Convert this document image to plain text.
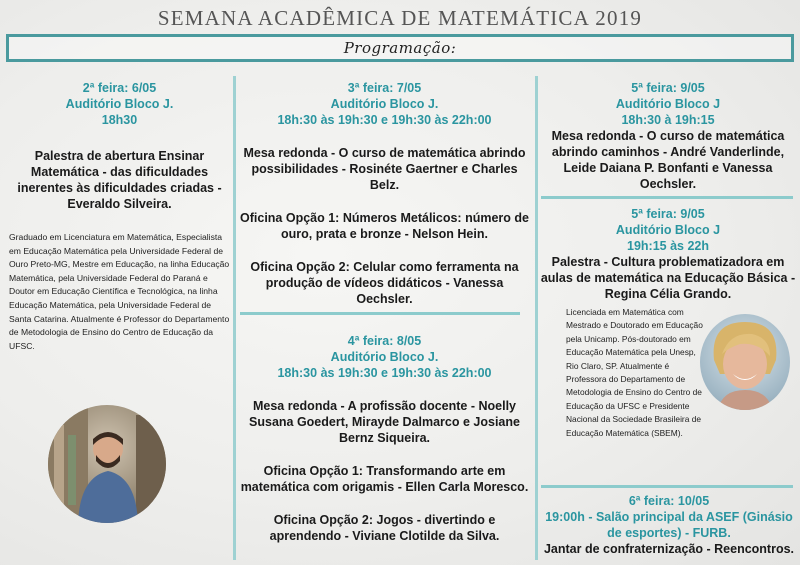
SEMANA ACADÊMICA DE MATEMÁTICA 2019
Programação:
2ª feira: 6/05
Auditório Bloco J.
18h30
Palestra de abertura Ensinar Matemática - das dificuldades inerentes às dificuldades criadas - Everaldo Silveira.
Graduado em Licenciatura em Matemática, Especialista em Educação Matemática pela Universidade Federal de Ouro Preto-MG, Mestre em Educação, na linha Educação Matemática, pela Universidade Federal do Paraná e Doutor em Educação Científica e Tecnológica, na linha Educação Matemática, pela Universidade Federal de Santa Catarina. Atualmente é Professor do Departamento de Metodologia de Ensino do Centro de Educação da UFSC.
3ª feira: 7/05
Auditório Bloco J.
18h:30 às 19h:30 e 19h:30 às 22h:00
Mesa redonda - O curso de matemática abrindo possibilidades - Rosinéte Gaertner e Charles Belz.
Oficina Opção 1: Números Metálicos: número de ouro, prata e bronze - Nelson Hein.
Oficina Opção 2: Celular como ferramenta na produção de vídeos didáticos - Vanessa Oechsler.
4ª feira: 8/05
Auditório Bloco J.
18h:30 às 19h:30 e 19h:30 às 22h:00
Mesa redonda - A profissão docente - Noelly Susana Goedert, Mirayde Dalmarco e Josiane Bernz Siqueira.
Oficina Opção 1: Transformando arte em matemática com origamis - Ellen Carla Moresco.
Oficina Opção 2: Jogos - divertindo e aprendendo - Viviane Clotilde da Silva.
5ª feira: 9/05
Auditório Bloco J
18h:30 à 19h:15
Mesa redonda - O curso de matemática abrindo caminhos - André Vanderlinde, Leide Daiana P. Bonfanti e Vanessa Oechsler.
5ª feira: 9/05
Auditório Bloco J
19h:15 às 22h
Palestra - Cultura problematizadora em aulas de matemática na Educação Básica - Regina Célia Grando.
Licenciada em Matemática com Mestrado e Doutorado em Educação pela Unicamp. Pós-doutorado em Educação Matemática pela Unesp, Rio Claro, SP. Atualmente é Professora do Departamento de Metodologia de Ensino do Centro de Educação da UFSC e Presidente Nacional da Sociedade Brasileira de Educação Matemática (SBEM).
6ª feira: 10/05
19:00h - Salão principal da ASEF (Ginásio de esportes) - FURB.
Jantar de confraternização - Reencontros.
